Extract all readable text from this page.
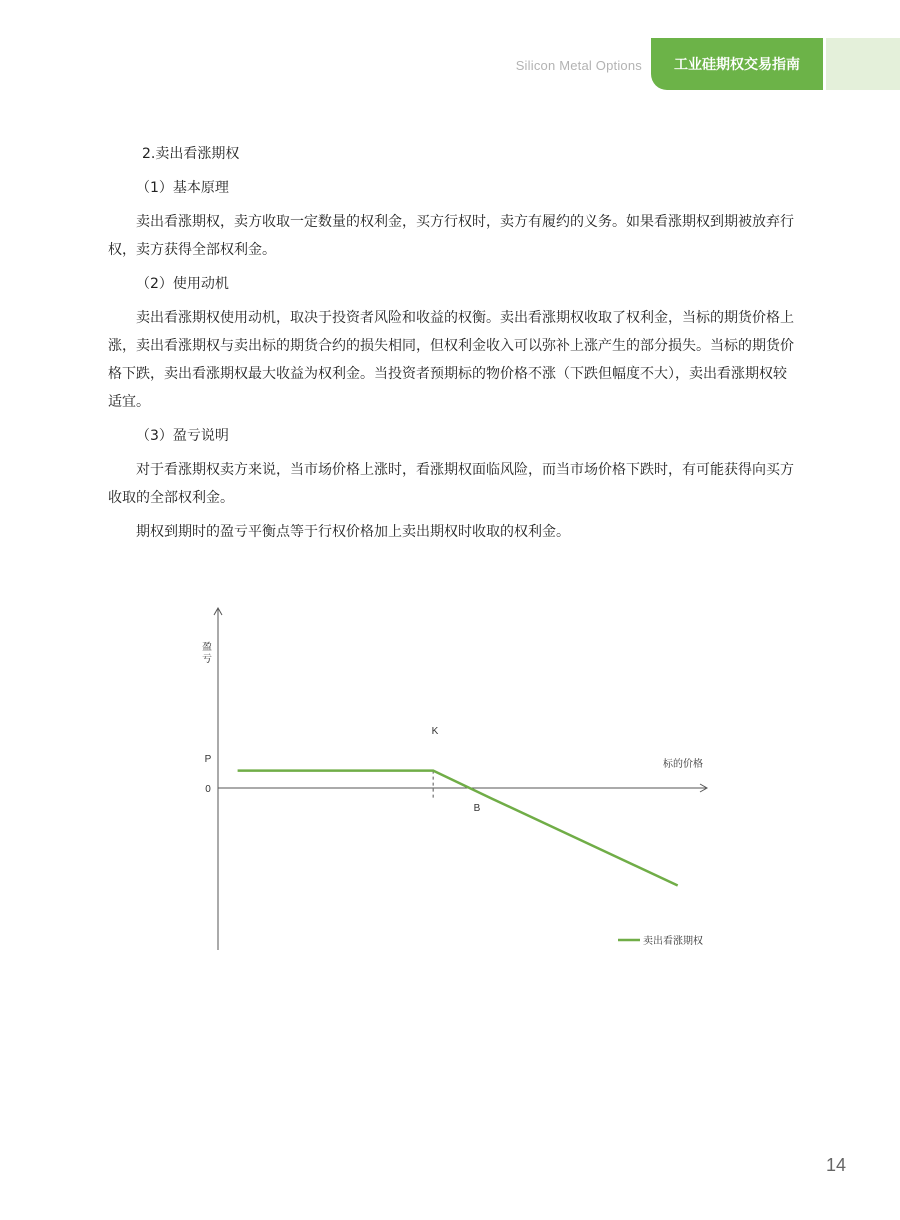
Silicon Metal Options 工业硅期权交易指南

2.卖出看涨期权

（1）基本原理

卖出看涨期权，卖方收取一定数量的权利金，买方行权时，卖方有履约的义务。如果看涨期权到期被放弃行权，卖方获得全部权利金。

（2）使用动机

卖出看涨期权使用动机，取决于投资者风险和收益的权衡。卖出看涨期权收取了权利金，当标的期货价格上涨，卖出看涨期权与卖出标的期货合约的损失相同，但权利金收入可以弥补上涨产生的部分损失。当标的期货价格下跌，卖出看涨期权最大收益为权利金。当投资者预期标的物价格不涨（下跌但幅度不大），卖出看涨期权较适宜。

（3）盈亏说明

对于看涨期权卖方来说，当市场价格上涨时，看涨期权面临风险，而当市场价格下跌时，有可能获得向买方收取的全部权利金。

期权到期时的盈亏平衡点等于行权价格加上卖出期权时收取的权利金。

盈
亏
标的价格
0
P
K
B
卖出看涨期权
14
